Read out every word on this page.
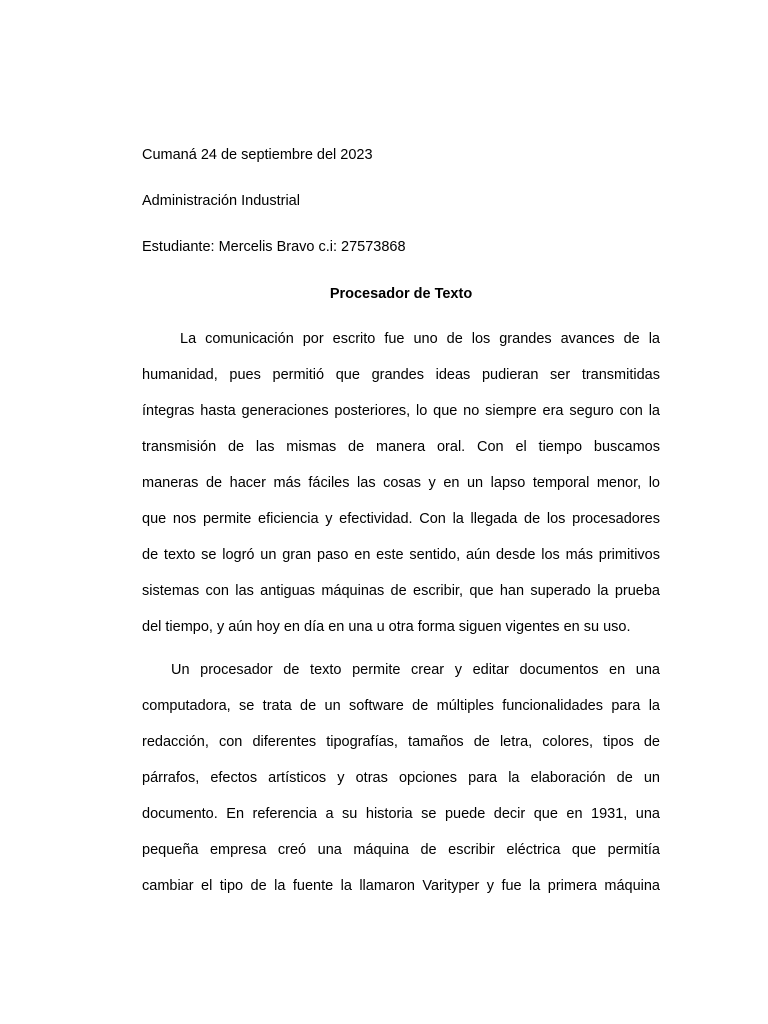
Cumaná 24 de septiembre del 2023
Administración Industrial
Estudiante: Mercelis Bravo c.i: 27573868
Procesador de Texto
La comunicación por escrito fue uno de los grandes avances de la
humanidad, pues permitió que grandes ideas pudieran ser transmitidas
íntegras hasta generaciones posteriores, lo que no siempre era seguro con la
transmisión de las mismas de manera oral. Con el tiempo buscamos
maneras de hacer más fáciles las cosas y en un lapso temporal menor, lo
que nos permite eficiencia y efectividad. Con la llegada de los procesadores
de texto se logró un gran paso en este sentido, aún desde los más primitivos
sistemas con las antiguas máquinas de escribir, que han superado la prueba
del tiempo, y aún hoy en día en una u otra forma siguen vigentes en su uso.
Un procesador de texto permite crear y editar documentos en una
computadora, se trata de un software de múltiples funcionalidades para la
redacción, con diferentes tipografías, tamaños de letra, colores, tipos de
párrafos, efectos artísticos y otras opciones para la elaboración de un
documento. En referencia a su historia se puede decir que en 1931, una
pequeña empresa creó una máquina de escribir eléctrica que permitía
cambiar el tipo de la fuente la llamaron Varityper y fue la primera máquina
